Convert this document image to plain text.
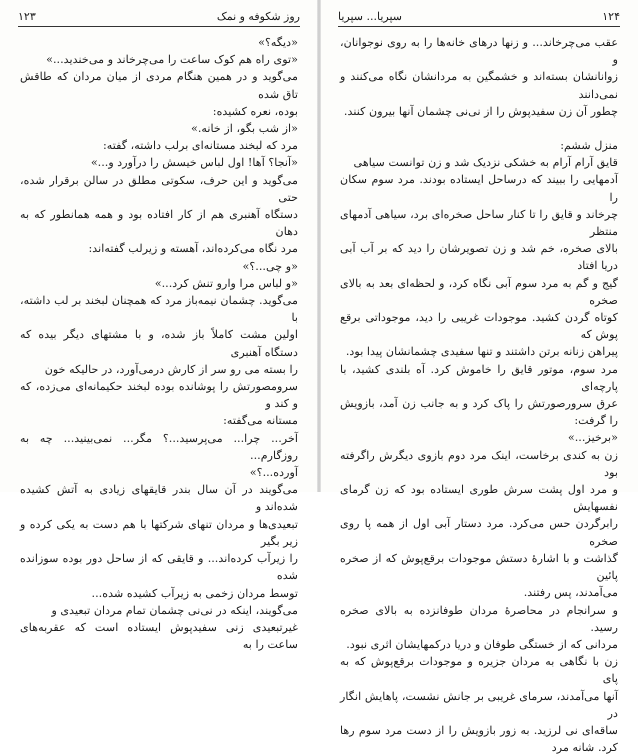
روز شکوفه و نمک
۱۲۳

«دیگه؟»

«توی راه هم کوک ساعت را می‌چرخاند و می‌خندید...»

می‌گوید و در همین هنگام مردی از میان مردان که طاقش تاق شده

بوده، نعره کشیده:

«از شب بگو، از خانه.»

مرد که لبخند مستانه‌ای برلب داشته، گفته:

«آنجا؟ آها! اول لباس خیسش را درآورد و...»

می‌گوید و این حرف، سکوتی مطلق در سالن برقرار شده، حتی

دستگاه آهنبری هم از کار افتاده بود و همه همانطور که به دهان

مرد نگاه می‌کرده‌اند، آهسته و زیرلب گفته‌اند:

«و چی...؟»

«و لباس مرا وارو تنش کرد...»

می‌گوید. چشمان نیمه‌باز مرد که همچنان لبخند بر لب داشته، با

اولین مشت کاملاً باز شده، و با مشتهای دیگر بیده که دستگاه آهنبری

را بسته می‌ رو سر از کارش درمی‌آورد، در حالیکه خون

سرومصورتش را پوشانده بوده لبخند حکیمانه‌ای می‌زده، که و کند و

مستانه می‌گفته:

آخر... چرا... می‌پرسید...؟ مگر... نمی‌بینید... چه به روزگارم...

آورده...؟»

می‌گویند در آن سال بندر قایقهای زیادی به آتش کشیده شده‌اند و

تبعیدی‌ها و مردان تنهای شرکتها با هم دست به یکی کرده و زیر بگیر

را زیرآب کرده‌اند... و قایقی که از ساحل دور بوده سوزانده شده

توسط مردان زخمی به زیرآب کشیده شده...

می‌گویند، اینکه در نی‌نی چشمان تمام مردان تبعیدی و

غیرتبعیدی زنی سفیدپوش ایستاده است که عقربه‌های ساعت را به

۱۲۴
سپریا... سپریا

عقب می‌چرخاند... و زنها درهای خانه‌ها را به روی نوجوانان، و

زوانانشان بسته‌اند و خشمگین به مردانشان نگاه می‌کنند و نمی‌دانند

چطور آن زن سفیدپوش را از نی‌نی چشمان آنها بیرون کنند.

منزل ششم:

قایق آرام آرام به خشکی نزدیک شد و زن توانست سیاهی

آدمهایی را ببیند که درساحل ایستاده بودند. مرد سوم سکان را

چرخاند و قایق را تا کنار ساحل صخره‌ای برد، سیاهی آدمهای منتظر

بالای صخره، خم شد و زن تصویرشان را دید که بر آب آبی دریا افتاد

گیج و گم به مرد سوم آبی نگاه کرد، و لحظه‌ای بعد به بالای صخره

کوتاه گردن کشید. موجودات غریبی را دید، موجوداتی برقع پوش که

پیراهن زنانه برتن داشتند و تنها سفیدی چشمانشان پیدا بود.

مرد سوم، موتور قایق را خاموش کرد. آه بلندی کشید، با پارچه‌ای

عرق سرورصورتش را پاک کرد و به جانب زن آمد، بازویش را گرفت:

«برخیز...»

زن به کندی برخاست، اینک مرد دوم بازوی دیگرش راگرفته بود

و مرد اول پشت سرش طوری ایستاده بود که زن گرمای نفسهایش

رابرگردن حس می‌کرد. مرد دستار آبی اول از همه پا روی صخره

گذاشت و با اشارهٔ دستش موجودات برقع‌پوش که از صخره پائین

می‌آمدند، پس رفتند.

و سرانجام در محاصرهٔ مردان طوفانزده به بالای صخره رسید.

مردانی که از خستگی طوفان و دریا درکمهایشان اثری نبود.

زن با نگاهی به مردان جزیره و موجودات برقع‌پوش که به پای

آنها می‌آمدند، سرمای غریبی بر جانش نشست، پاهایش انگار در

ساقه‌ای نی لرزید. به زور بازویش را از دست مرد سوم رها کرد. شانه مرد
